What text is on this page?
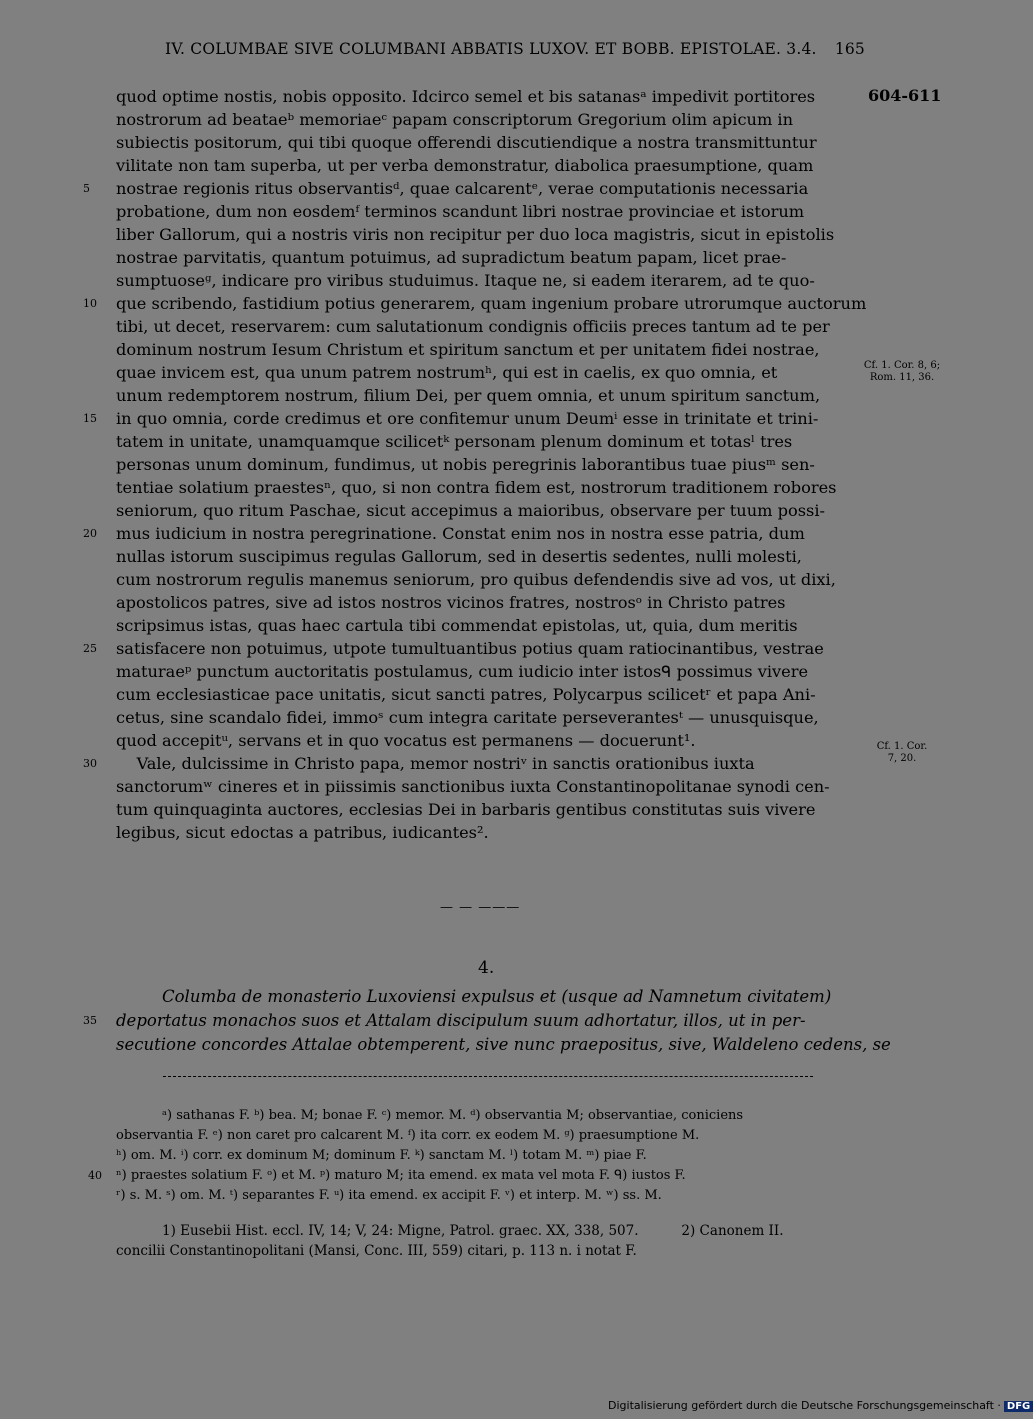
IV. COLUMBAE SIVE COLUMBANI ABBATIS LUXOV. ET BOBB. EPISTOLAE. 3.4. 165
604-611
quod optime nostis, nobis opposito. Idcirco semel et bis satanasᵃ impedivit portitores
nostrorum ad beataeᵇ memoriaeᶜ papam conscriptorum Gregorium olim apicum in
subiectis positorum, qui tibi quoque offerendi discutiendique a nostra transmittuntur
vilitate non tam superba, ut per verba demonstratur, diabolica praesumptione, quam
nostrae regionis ritus observantisᵈ, quae calcarentᵉ, verae computationis necessaria
probatione, dum non eosdemᶠ terminos scandunt libri nostrae provinciae et istorum
liber Gallorum, qui a nostris viris non recipitur per duo loca magistris, sicut in epistolis
nostrae parvitatis, quantum potuimus, ad supradictum beatum papam, licet prae-
sumptuoseᵍ, indicare pro viribus studuimus. Itaque ne, si eadem iterarem, ad te quo-
que scribendo, fastidium potius generarem, quam ingenium probare utrorumque auctorum
tibi, ut decet, reservarem: cum salutationum condignis officiis preces tantum ad te per
dominum nostrum Iesum Christum et spiritum sanctum et per unitatem fidei nostrae,
quae invicem est, qua unum patrem nostrumʰ, qui est in caelis, ex quo omnia, et
unum redemptorem nostrum, filium Dei, per quem omnia, et unum spiritum sanctum,
in quo omnia, corde credimus et ore confitemur unum Deumⁱ esse in trinitate et trini-
tatem in unitate, unamquamque scilicetᵏ personam plenum dominum et totasˡ tres
personas unum dominum, fundimus, ut nobis peregrinis laborantibus tuae piusᵐ sen-
tentiae solatium praestesⁿ, quo, si non contra fidem est, nostrorum traditionem robores
seniorum, quo ritum Paschae, sicut accepimus a maioribus, observare per tuum possi-
mus iudicium in nostra peregrinatione. Constat enim nos in nostra esse patria, dum
nullas istorum suscipimus regulas Gallorum, sed in desertis sedentes, nulli molesti,
cum nostrorum regulis manemus seniorum, pro quibus defendendis sive ad vos, ut dixi,
apostolicos patres, sive ad istos nostros vicinos fratres, nostrosᵒ in Christo patres
scripsimus istas, quas haec cartula tibi commendat epistolas, ut, quia, dum meritis
satisfacere non potuimus, utpote tumultuantibus potius quam ratiocinantibus, vestrae
maturaeᵖ punctum auctoritatis postulamus, cum iudicio inter istosᑫ possimus vivere
cum ecclesiasticae pace unitatis, sicut sancti patres, Polycarpus scilicetʳ et papa Ani-
cetus, sine scandalo fidei, immoˢ cum integra caritate perseverantesᵗ — unusquisque,
quod accepitᵘ, servans et in quo vocatus est permanens — docuerunt¹.
Vale, dulcissime in Christo papa, memor nostriᵛ in sanctis orationibus iuxta
sanctorumʷ cineres et in piissimis sanctionibus iuxta Constantinopolitanae synodi cen-
tum quinquaginta auctores, ecclesias Dei in barbaris gentibus constitutas suis vivere
legibus, sicut edoctas a patribus, iudicantes².
5
10
15
20
25
30
Cf. 1. Cor. 8, 6;
Rom. 11, 36.
Cf. 1. Cor.
7, 20.
— — ———
4.
Columba de monasterio Luxoviensi expulsus et (usque ad Namnetum civitatem)
deportatus monachos suos et Attalam discipulum suum adhortatur, illos, ut in per-
secutione concordes Attalae obtemperent, sive nunc praepositus, sive, Waldeleno cedens, se
35
ᵃ) sathanas F. ᵇ) bea. M; bonae F. ᶜ) memor. M. ᵈ) observantia M; observantiae, coniciens
observantia F. ᵉ) non caret pro calcarent M. ᶠ) ita corr. ex eodem M. ᵍ) praesumptione M.
ʰ) om. M. ⁱ) corr. ex dominum M; dominum F. ᵏ) sanctam M. ˡ) totam M. ᵐ) piae F.
ⁿ) praestes solatium F. ᵒ) et M. ᵖ) maturo M; ita emend. ex mata vel mota F. ᑫ) iustos F.
ʳ) s. M. ˢ) om. M. ᵗ) separantes F. ᵘ) ita emend. ex accipit F. ᵛ) et interp. M. ʷ) ss. M.
40
1) Eusebii Hist. eccl. IV, 14; V, 24: Migne, Patrol. graec. XX, 338, 507.          2) Canonem II.
concilii Constantinopolitani (Mansi, Conc. III, 559) citari, p. 113 n. i notat F.
Digitalisierung gefördert durch die Deutsche Forschungsgemeinschaft · DFG
